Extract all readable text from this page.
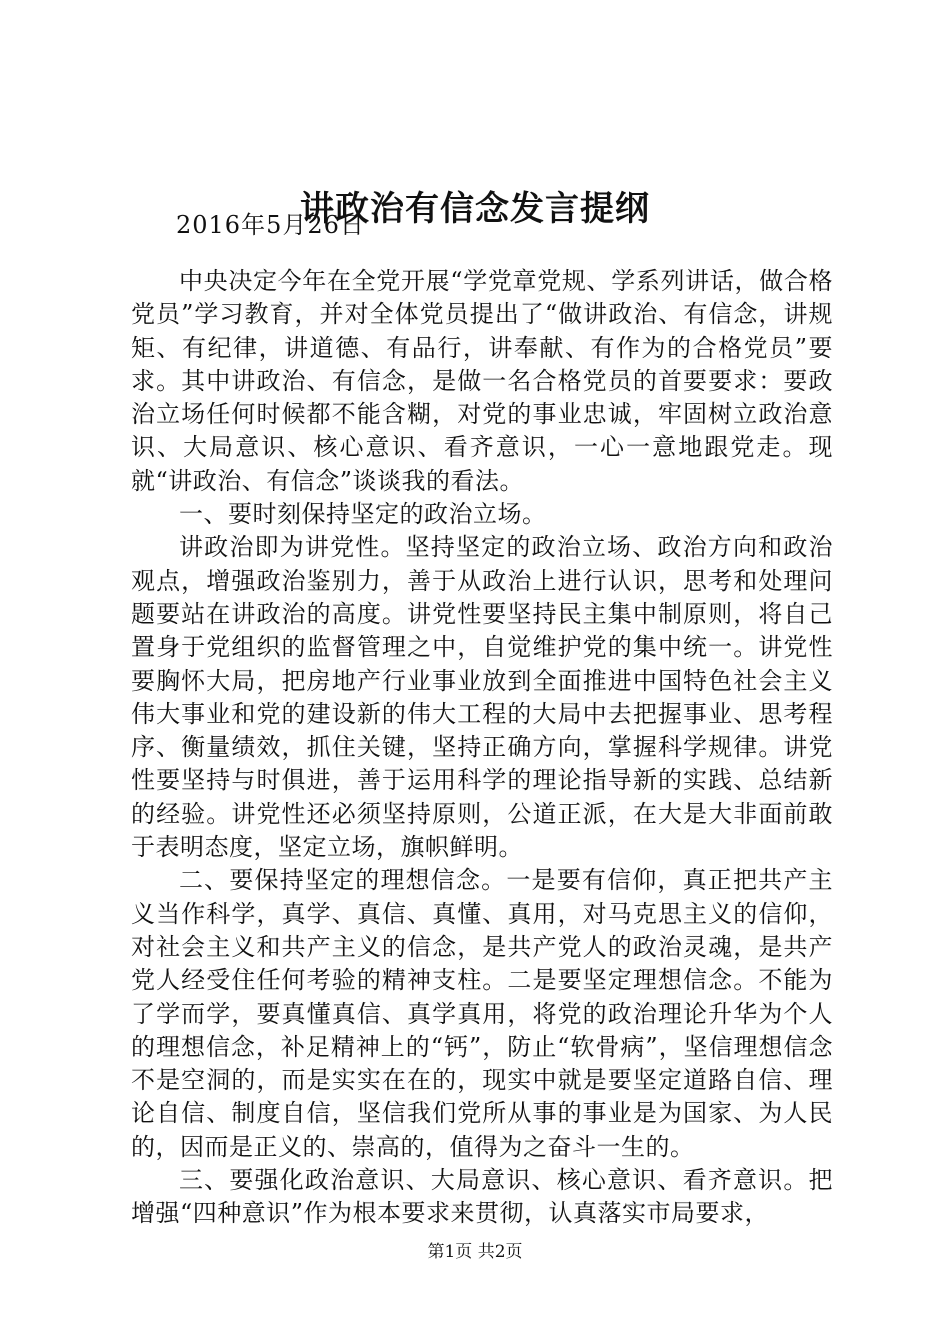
讲政治有信念发言提纲
2016年5月26日

中央决定今年在全党开展“学党章党规、学系列讲话，做合格党员”学习教育，并对全体党员提出了“做讲政治、有信念，讲规矩、有纪律，讲道德、有品行，讲奉献、有作为的合格党员”要求。其中讲政治、有信念，是做一名合格党员的首要要求：要政治立场任何时候都不能含糊，对党的事业忠诚，牢固树立政治意识、大局意识、核心意识、看齐意识，一心一意地跟党走。现就“讲政治、有信念”谈谈我的看法。

一、要时刻保持坚定的政治立场。

讲政治即为讲党性。坚持坚定的政治立场、政治方向和政治观点，增强政治鉴别力，善于从政治上进行认识，思考和处理问题要站在讲政治的高度。讲党性要坚持民主集中制原则，将自己置身于党组织的监督管理之中，自觉维护党的集中统一。讲党性要胸怀大局，把房地产行业事业放到全面推进中国特色社会主义伟大事业和党的建设新的伟大工程的大局中去把握事业、思考程序、衡量绩效，抓住关键，坚持正确方向，掌握科学规律。讲党性要坚持与时俱进，善于运用科学的理论指导新的实践、总结新的经验。讲党性还必须坚持原则，公道正派，在大是大非面前敢于表明态度，坚定立场，旗帜鲜明。

二、要保持坚定的理想信念。一是要有信仰，真正把共产主义当作科学，真学、真信、真懂、真用，对马克思主义的信仰，对社会主义和共产主义的信念，是共产党人的政治灵魂，是共产党人经受住任何考验的精神支柱。二是要坚定理想信念。不能为了学而学，要真懂真信、真学真用，将党的政治理论升华为个人的理想信念，补足精神上的“钙”，防止“软骨病”，坚信理想信念不是空洞的，而是实实在在的，现实中就是要坚定道路自信、理论自信、制度自信，坚信我们党所从事的事业是为国家、为人民的，因而是正义的、崇高的，值得为之奋斗一生的。

三、要强化政治意识、大局意识、核心意识、看齐意识。把增强“四种意识”作为根本要求来贯彻，认真落实市局要求，

第1页 共2页
